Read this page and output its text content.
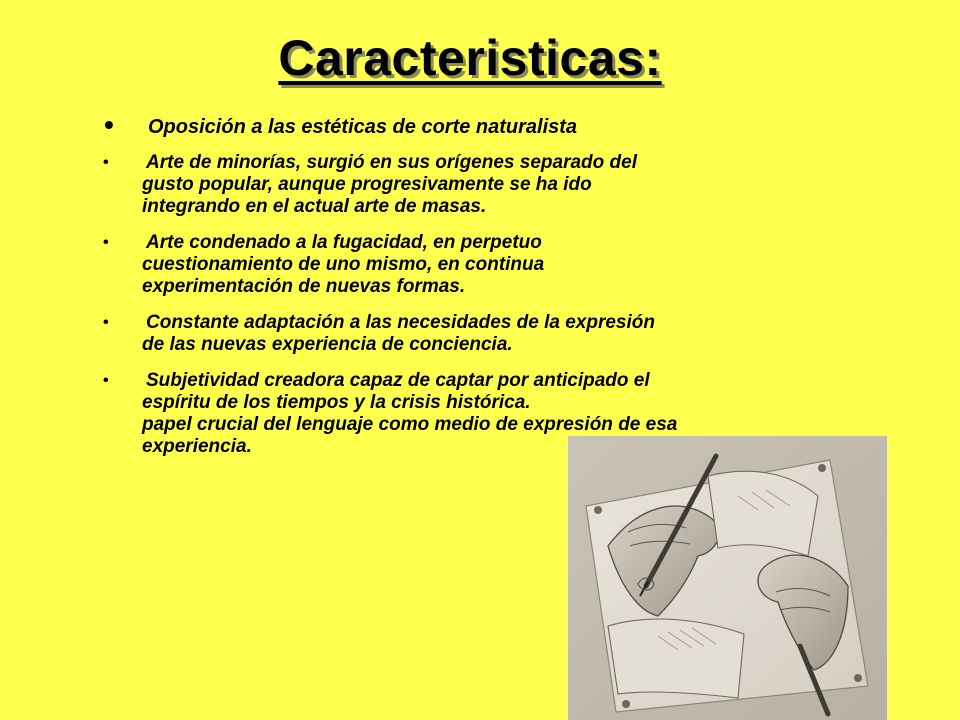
Caracteristicas:
• Oposición a las estéticas de corte naturalista
• Arte de minorías, surgió en sus orígenes separado del
gusto popular, aunque progresivamente se ha ido
integrando en el actual arte de masas.
• Arte condenado a la fugacidad, en perpetuo
cuestionamiento de uno mismo, en continua
experimentación de nuevas formas.
• Constante adaptación a las necesidades de la expresión
de las nuevas experiencia de conciencia.
• Subjetividad creadora capaz de captar por anticipado el
espíritu de los tiempos y la crisis histórica.
papel crucial del lenguaje como medio de expresión de esa
experiencia.
